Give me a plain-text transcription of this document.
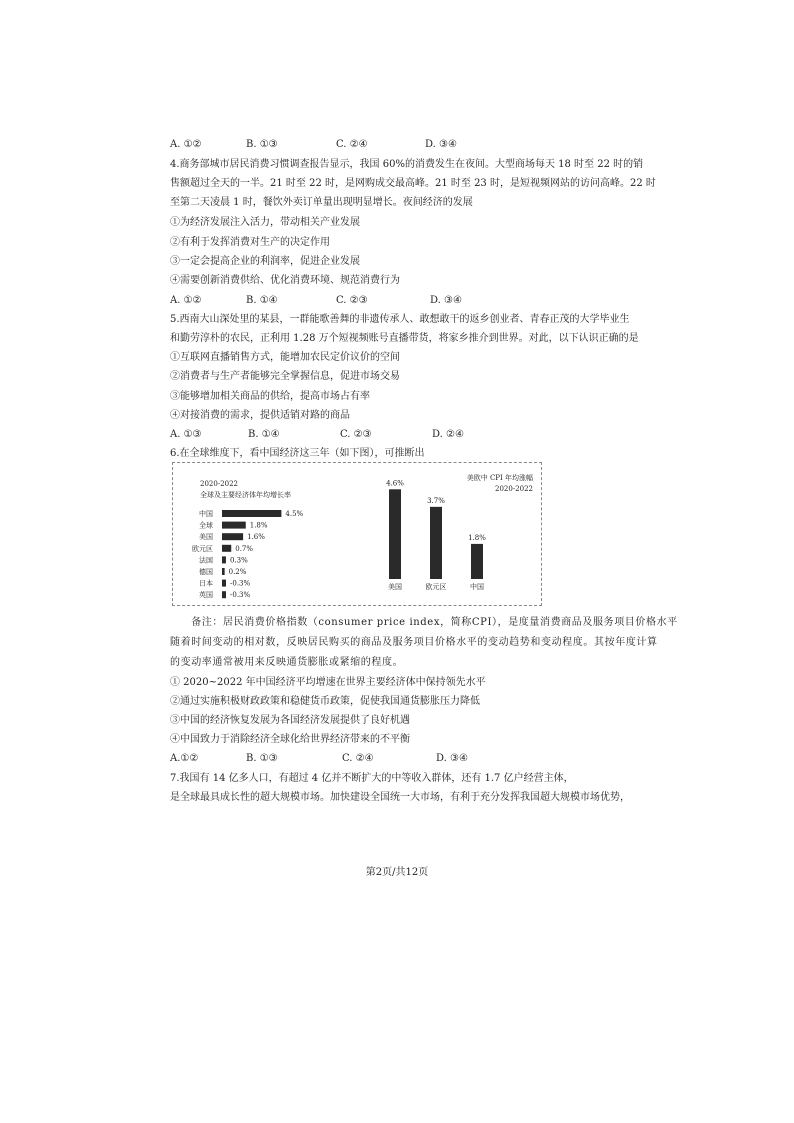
A. ①②	B. ①③	C. ②④	D. ③④
4.商务部城市居民消费习惯调查报告显示，我国 60%的消费发生在夜间。大型商场每天 18 时至 22 时的销
售额超过全天的一半。21 时至 22 时，是网购成交最高峰。21 时至 23 时，是短视频网站的访问高峰。22 时
至第二天凌晨 1 时，餐饮外卖订单量出现明显增长。夜间经济的发展
①为经济发展注入活力，带动相关产业发展
②有利于发挥消费对生产的决定作用
③一定会提高企业的利润率，促进企业发展
④需要创新消费供给、优化消费环境、规范消费行为
A. ①②	B. ①④	C. ②③	D. ③④
5.西南大山深处里的某县，一群能歌善舞的非遗传承人、敢想敢干的返乡创业者、青春正茂的大学毕业生
和勤劳淳朴的农民，正利用 1.28 万个短视频账号直播带货，将家乡推介到世界。对此，以下认识正确的是
①互联网直播销售方式，能增加农民定价议价的空间
②消费者与生产者能够完全掌握信息，促进市场交易
③能够增加相关商品的供给，提高市场占有率
④对接消费的需求，提供适销对路的商品
A. ①③	B. ①④	C. ②③	D. ②④
6.在全球维度下，看中国经济这三年（如下图），可推断出
　　备注：居民消费价格指数（consumer price index，简称CPI），是度量消费商品及服务项目价格水平
随着时间变动的相对数，反映居民购买的商品及服务项目价格水平的变动趋势和变动程度。其按年度计算
的变动率通常被用来反映通货膨胀或紧缩的程度。
① 2020~2022 年中国经济平均增速在世界主要经济体中保持领先水平
②通过实施积极财政政策和稳健货币政策，促使我国通货膨胀压力降低
③中国的经济恢复发展为各国经济发展提供了良好机遇
④中国致力于消除经济全球化给世界经济带来的不平衡
A.①②	B. ①③	C. ②④	D. ③④
7.我国有 14 亿多人口，有超过 4 亿并不断扩大的中等收入群体，还有 1.7 亿户经营主体，
是全球最具成长性的超大规模市场。加快建设全国统一大市场，有利于充分发挥我国超大规模市场优势，
2020-2022
全球及主要经济体年均增长率
中国	4.5%
全球	1.8%
美国	1.6%
欧元区	0.7%
法国 0.3%
德国 0.2%
日本 -0.3%
英国 -0.3%
美欧中 CPI 年均涨幅
2020-2022
4.6%
美国
3.7%
欧元区
1.8%
中国
第2页/共12页
